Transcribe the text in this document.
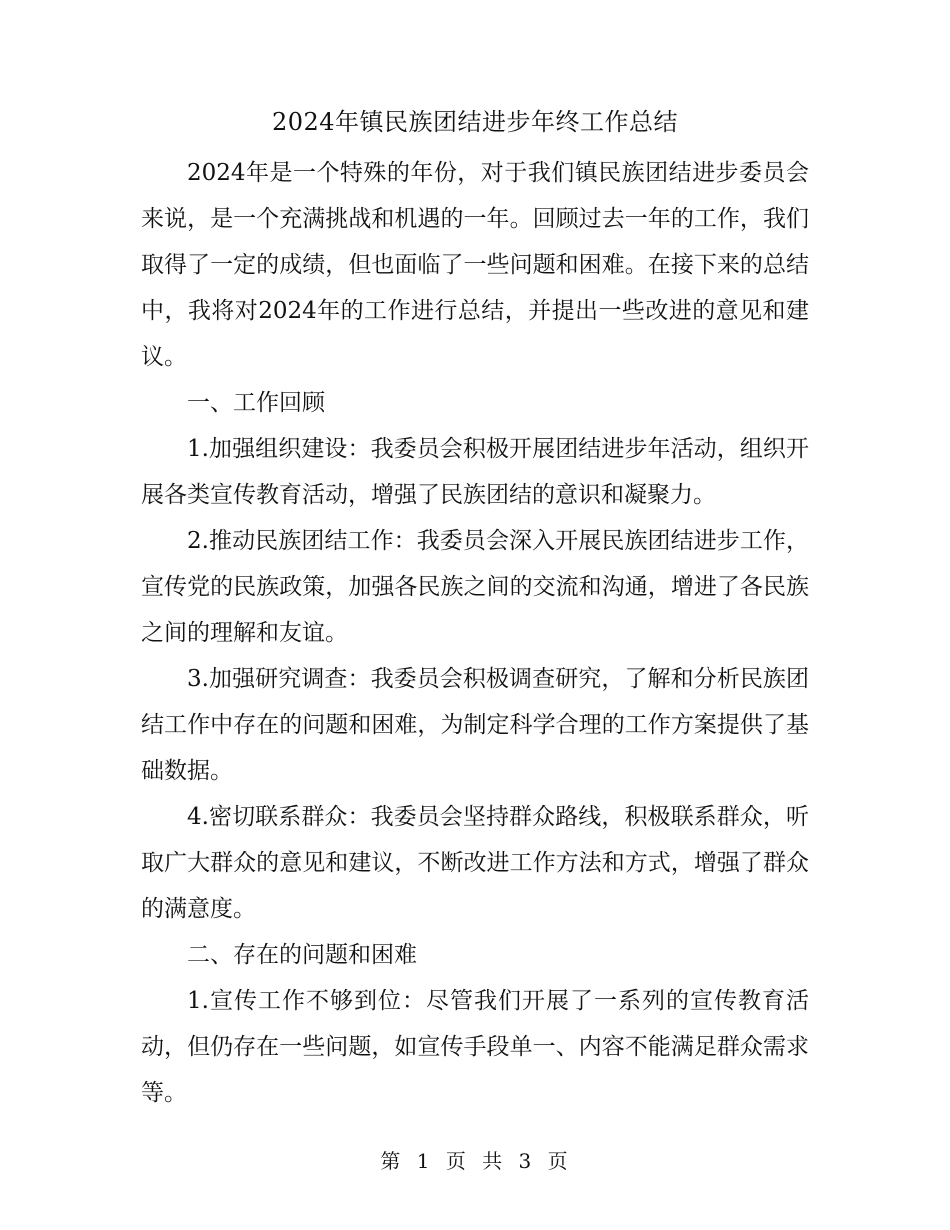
2024年镇民族团结进步年终工作总结

2024年是一个特殊的年份，对于我们镇民族团结进步委员会来说，是一个充满挑战和机遇的一年。回顾过去一年的工作，我们取得了一定的成绩，但也面临了一些问题和困难。在接下来的总结中，我将对2024年的工作进行总结，并提出一些改进的意见和建议。

一、工作回顾

1.加强组织建设：我委员会积极开展团结进步年活动，组织开展各类宣传教育活动，增强了民族团结的意识和凝聚力。

2.推动民族团结工作：我委员会深入开展民族团结进步工作，宣传党的民族政策，加强各民族之间的交流和沟通，增进了各民族之间的理解和友谊。

3.加强研究调查：我委员会积极调查研究，了解和分析民族团结工作中存在的问题和困难，为制定科学合理的工作方案提供了基础数据。

4.密切联系群众：我委员会坚持群众路线，积极联系群众，听取广大群众的意见和建议，不断改进工作方法和方式，增强了群众的满意度。

二、存在的问题和困难

1.宣传工作不够到位：尽管我们开展了一系列的宣传教育活动，但仍存在一些问题，如宣传手段单一、内容不能满足群众需求等。

第 1 页 共 3 页
